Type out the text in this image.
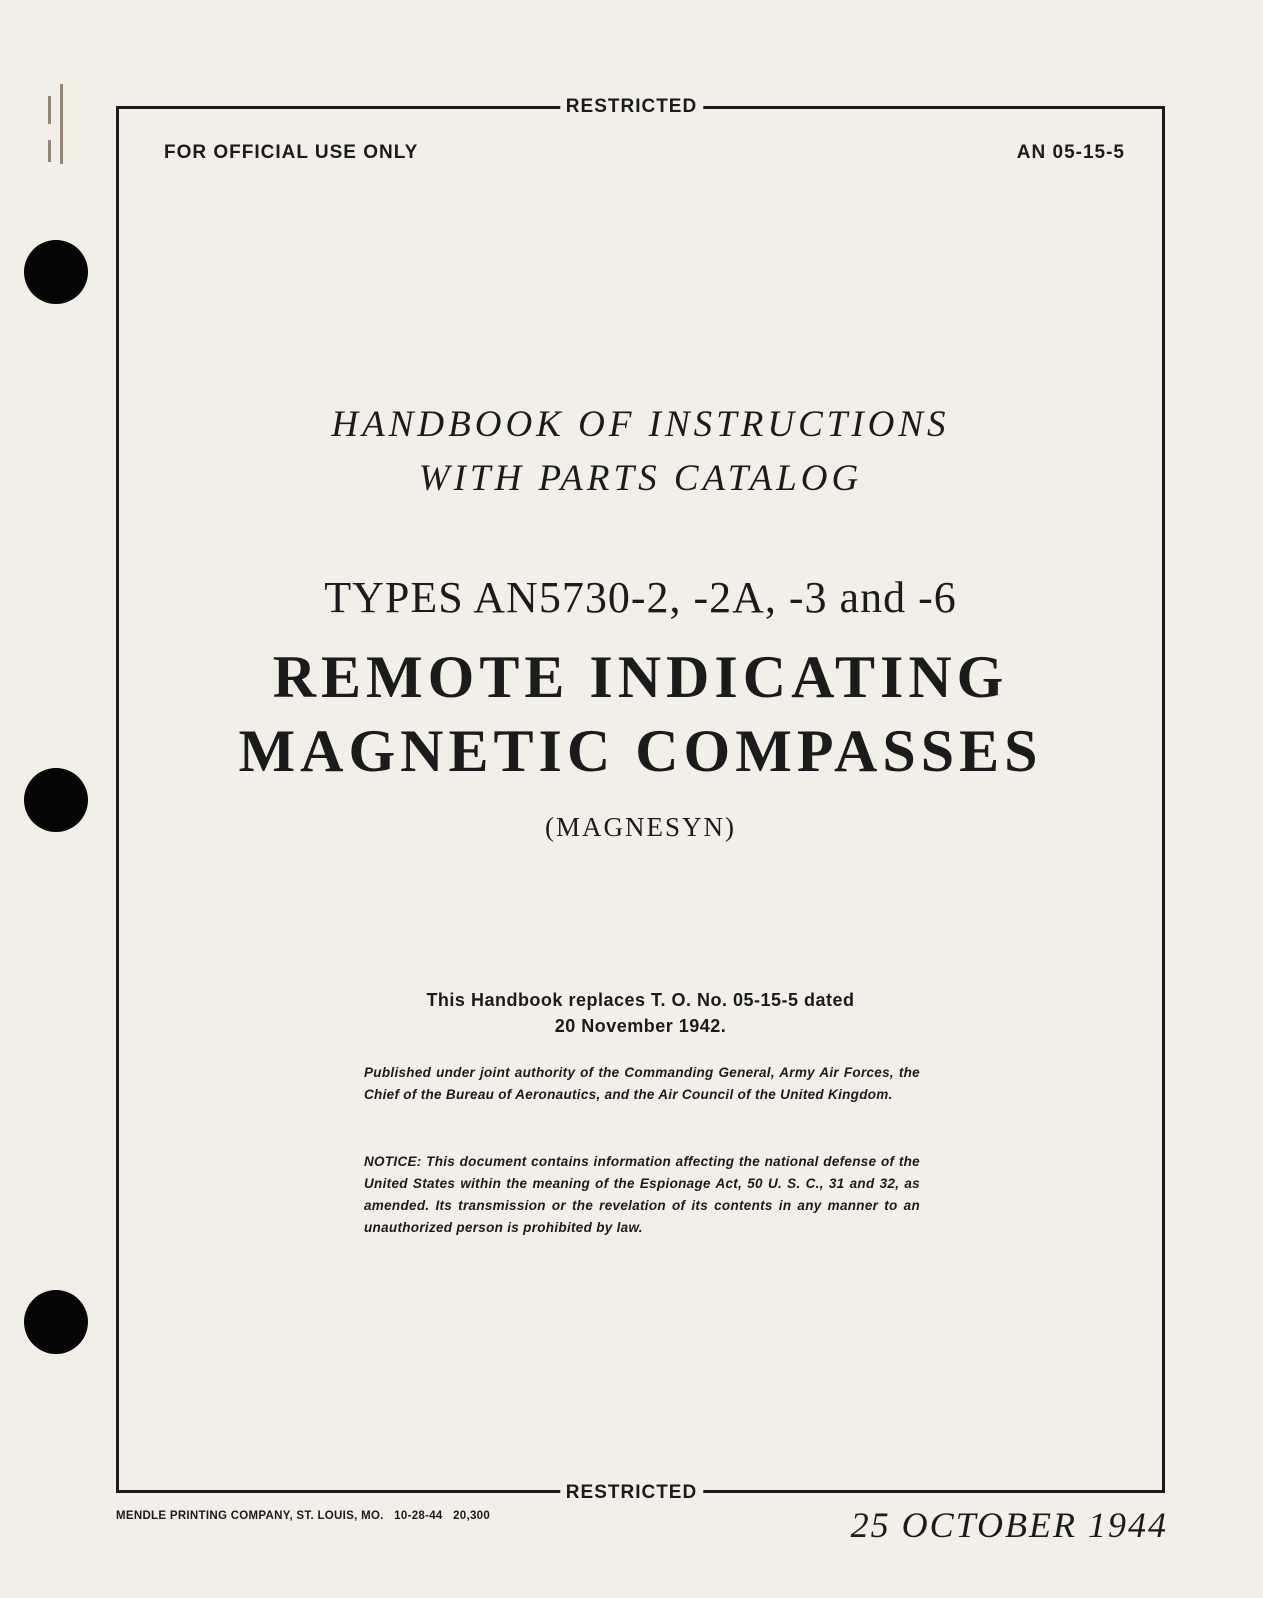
RESTRICTED
FOR OFFICIAL USE ONLY	AN 05-15-5
HANDBOOK OF INSTRUCTIONS
WITH PARTS CATALOG
TYPES AN5730-2, -2A, -3 and -6
REMOTE INDICATING
MAGNETIC COMPASSES
(MAGNESYN)
This Handbook replaces T. O. No. 05-15-5 dated
20 November 1942.
Published under joint authority of the Commanding General, Army Air Forces, the Chief of the Bureau of Aeronautics, and the Air Council of the United Kingdom.
NOTICE: This document contains information affecting the national defense of the United States within the meaning of the Espionage Act, 50 U. S. C., 31 and 32, as amended. Its transmission or the revelation of its contents in any manner to an unauthorized person is prohibited by law.
RESTRICTED
MENDLE PRINTING COMPANY, ST. LOUIS, MO.   10-28-44   20,300	25 OCTOBER 1944
